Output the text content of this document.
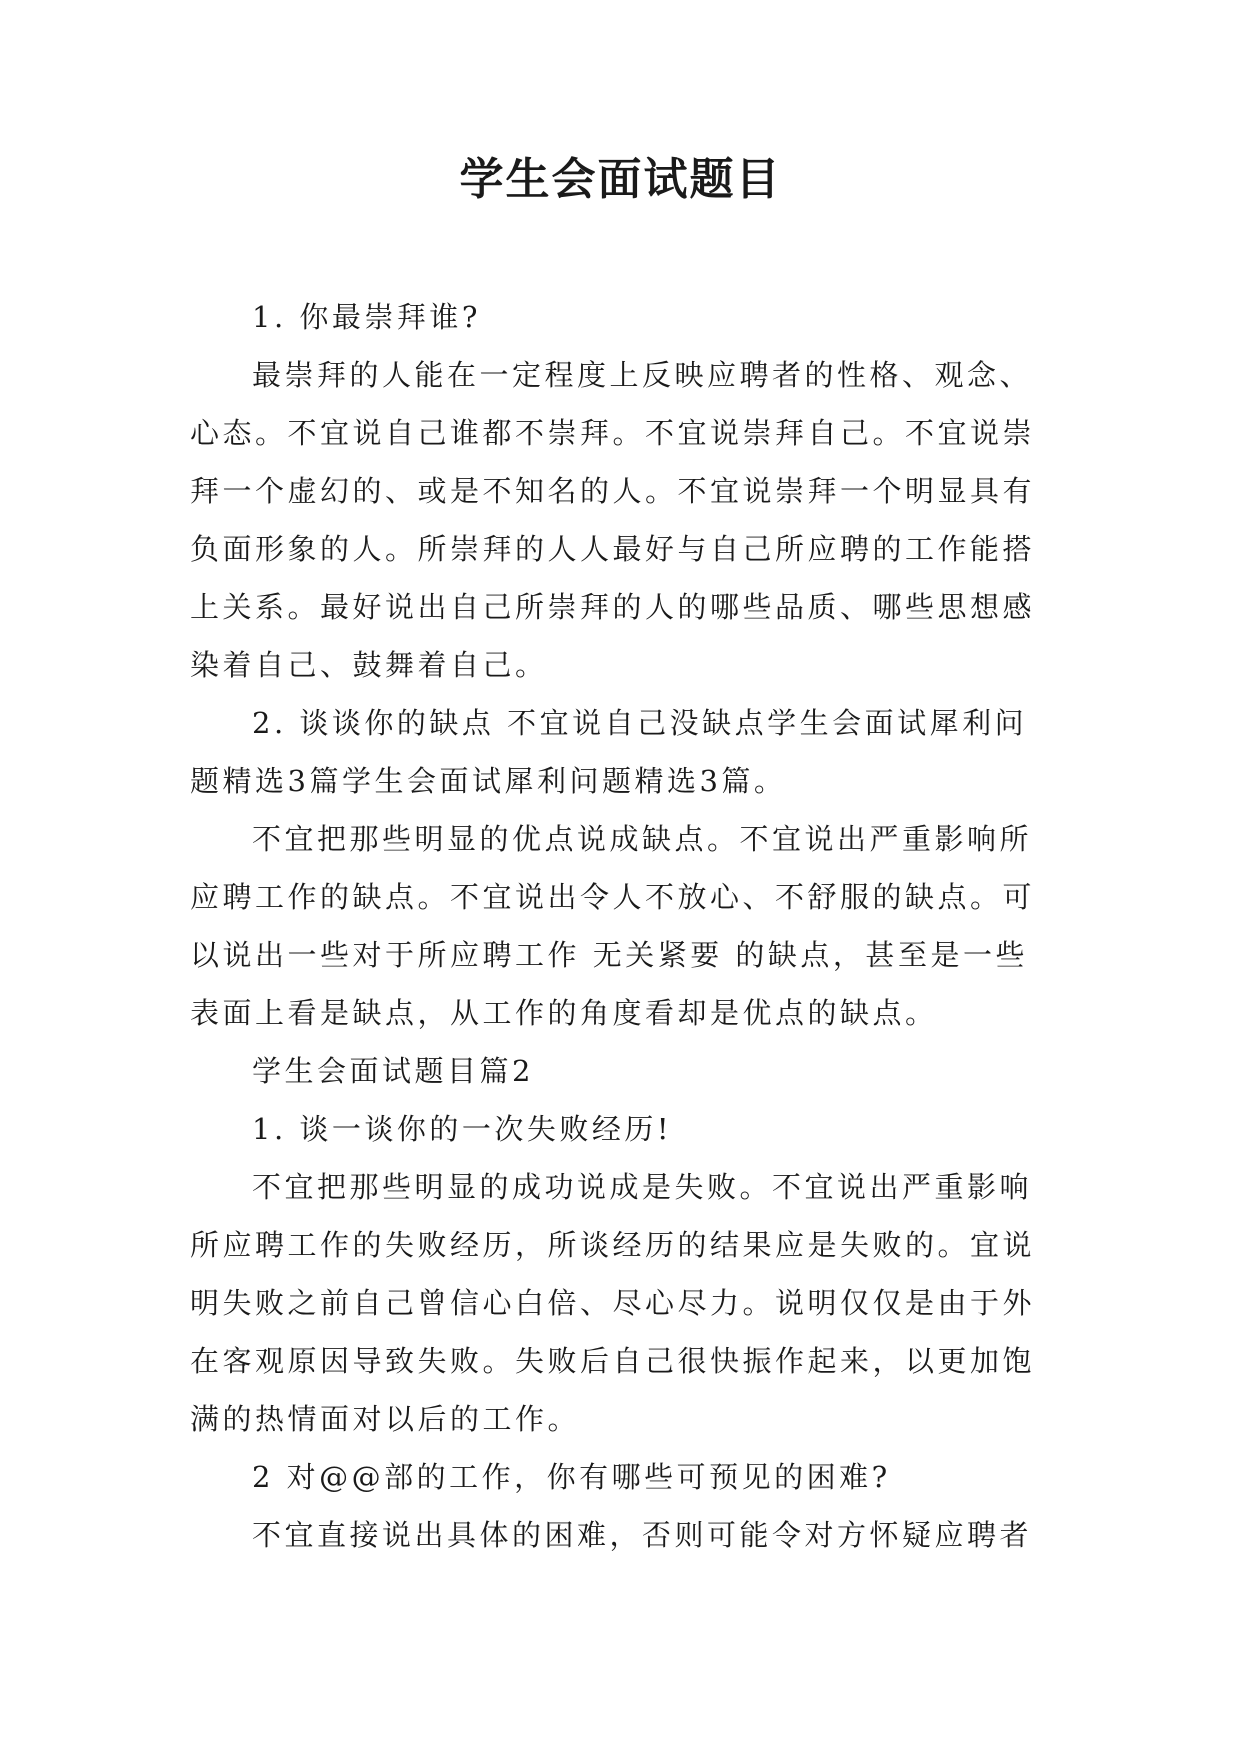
学生会面试题目

1. 你最崇拜谁?

最崇拜的人能在一定程度上反映应聘者的性格、观念、心态。不宜说自己谁都不崇拜。不宜说崇拜自己。不宜说崇拜一个虚幻的、或是不知名的人。不宜说崇拜一个明显具有负面形象的人。所崇拜的人人最好与自己所应聘的工作能搭 上关系。最好说出自己所崇拜的人的哪些品质、哪些思想感染着自己、鼓舞着自己。

2. 谈谈你的缺点 不宜说自己没缺点学生会面试犀利问题精选3篇学生会面试犀利问题精选3篇。

不宜把那些明显的优点说成缺点。不宜说出严重影响所应聘工作的缺点。不宜说出令人不放心、不舒服的缺点。可以说出一些对于所应聘工作 无关紧要 的缺点，甚至是一些表面上看是缺点，从工作的角度看却是优点的缺点。

学生会面试题目篇2

1. 谈一谈你的一次失败经历!

不宜把那些明显的成功说成是失败。不宜说出严重影响所应聘工作的失败经历，所谈经历的结果应是失败的。宜说明失败之前自己曾信心白倍、尽心尽力。说明仅仅是由于外在客观原因导致失败。失败后自己很快振作起来，以更加饱满的热情面对以后的工作。

2 对@@部的工作，你有哪些可预见的困难?

不宜直接说出具体的困难，否则可能令对方怀疑应聘者
